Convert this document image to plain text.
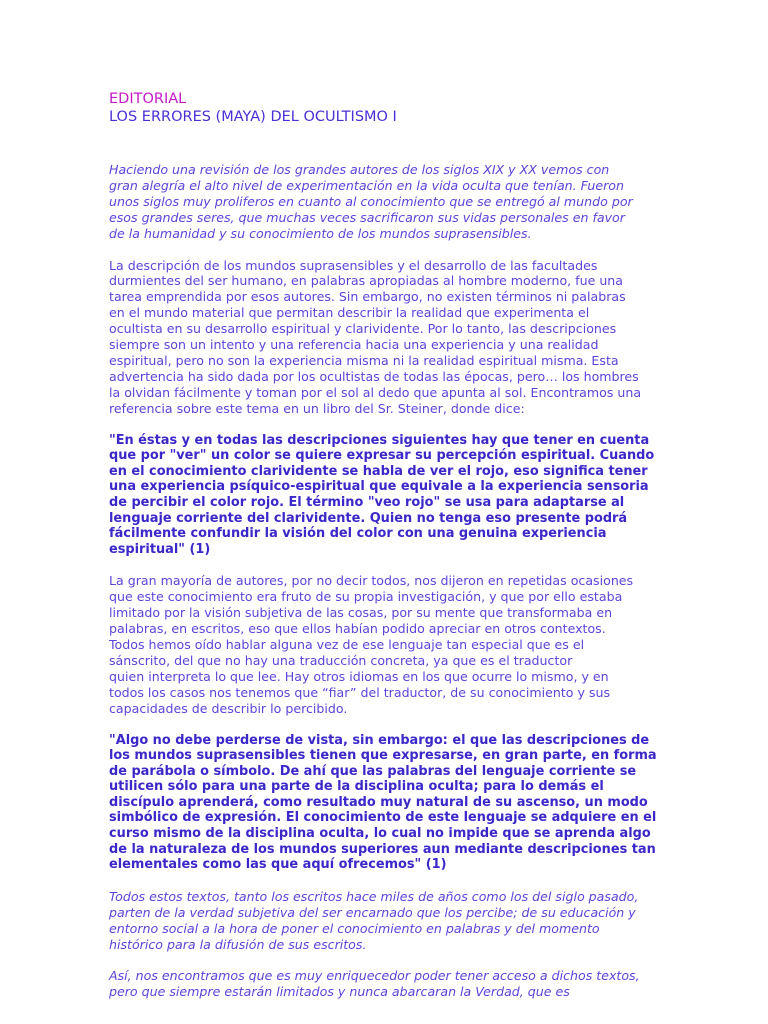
EDITORIAL
LOS ERRORES (MAYA) DEL OCULTISMO I

Haciendo una revisión de los grandes autores de los siglos XIX y XX vemos con
gran alegría el alto nivel de experimentación en la vida oculta que tenían. Fueron
unos siglos muy proliferos en cuanto al conocimiento que se entregó al mundo por
esos grandes seres, que muchas veces sacrificaron sus vidas personales en favor
de la humanidad y su conocimiento de los mundos suprasensibles.

La descripción de los mundos suprasensibles y el desarrollo de las facultades
durmientes del ser humano, en palabras apropiadas al hombre moderno, fue una
tarea emprendida por esos autores. Sin embargo, no existen términos ni palabras
en el mundo material que permitan describir la realidad que experimenta el
ocultista en su desarrollo espiritual y clarividente. Por lo tanto, las descripciones
siempre son un intento y una referencia hacia una experiencia y una realidad
espiritual, pero no son la experiencia misma ni la realidad espiritual misma. Esta
advertencia ha sido dada por los ocultistas de todas las épocas, pero… los hombres
la olvidan fácilmente y toman por el sol al dedo que apunta al sol. Encontramos una
referencia sobre este tema en un libro del Sr. Steiner, donde dice:

"En éstas y en todas las descripciones siguientes hay que tener en cuenta
que por "ver" un color se quiere expresar su percepción espiritual. Cuando
en el conocimiento clarividente se habla de ver el rojo, eso significa tener
una experiencia psíquico-espiritual que equivale a la experiencia sensoria
de percibir el color rojo. El término "veo rojo" se usa para adaptarse al
lenguaje corriente del clarividente. Quien no tenga eso presente podrá
fácilmente confundir la visión del color con una genuina experiencia
espiritual" (1)

La gran mayoría de autores, por no decir todos, nos dijeron en repetidas ocasiones
que este conocimiento era fruto de su propia investigación, y que por ello estaba
limitado por la visión subjetiva de las cosas, por su mente que transformaba en
palabras, en escritos, eso que ellos habían podido apreciar en otros contextos.
Todos hemos oído hablar alguna vez de ese lenguaje tan especial que es el
sánscrito, del que no hay una traducción concreta, ya que es el traductor
quien interpreta lo que lee. Hay otros idiomas en los que ocurre lo mismo, y en
todos los casos nos tenemos que “fiar” del traductor, de su conocimiento y sus
capacidades de describir lo percibido.

"Algo no debe perderse de vista, sin embargo: el que las descripciones de
los mundos suprasensibles tienen que expresarse, en gran parte, en forma
de parábola o símbolo. De ahí que las palabras del lenguaje corriente se
utilicen sólo para una parte de la disciplina oculta; para lo demás el
discípulo aprenderá, como resultado muy natural de su ascenso, un modo
simbólico de expresión. El conocimiento de este lenguaje se adquiere en el
curso mismo de la disciplina oculta, lo cual no impide que se aprenda algo
de la naturaleza de los mundos superiores aun mediante descripciones tan
elementales como las que aquí ofrecemos" (1)

Todos estos textos, tanto los escritos hace miles de años como los del siglo pasado,
parten de la verdad subjetiva del ser encarnado que los percibe; de su educación y
entorno social a la hora de poner el conocimiento en palabras y del momento
histórico para la difusión de sus escritos.

Así, nos encontramos que es muy enriquecedor poder tener acceso a dichos textos,
pero que siempre estarán limitados y nunca abarcaran la Verdad, que es
